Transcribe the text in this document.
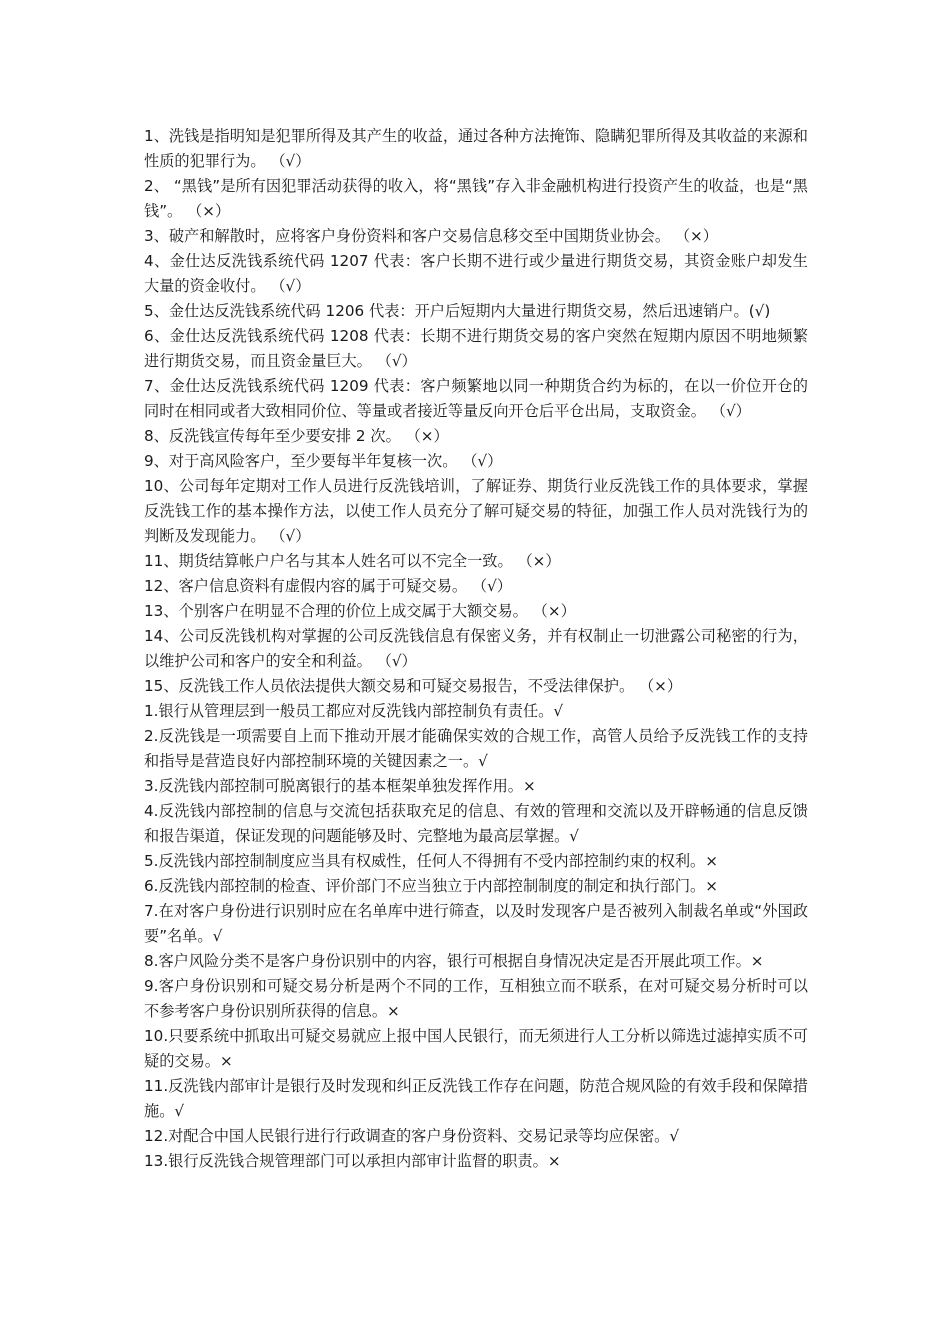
1、洗钱是指明知是犯罪所得及其产生的收益，通过各种方法掩饰、隐瞒犯罪所得及其收益的来源和性质的犯罪行为。 （√）

2、 “黑钱”是所有因犯罪活动获得的收入，将“黑钱”存入非金融机构进行投资产生的收益，也是“黑钱”。 （×）

3、破产和解散时，应将客户身份资料和客户交易信息移交至中国期货业协会。 （×）

4、金仕达反洗钱系统代码 1207 代表：客户长期不进行或少量进行期货交易，其资金账户却发生大量的资金收付。 （√）

5、金仕达反洗钱系统代码 1206 代表：开户后短期内大量进行期货交易，然后迅速销户。(√)

6、金仕达反洗钱系统代码 1208 代表：长期不进行期货交易的客户突然在短期内原因不明地频繁进行期货交易，而且资金量巨大。 （√）

7、金仕达反洗钱系统代码 1209 代表：客户频繁地以同一种期货合约为标的，在以一价位开仓的同时在相同或者大致相同价位、等量或者接近等量反向开仓后平仓出局，支取资金。 （√）

8、反洗钱宣传每年至少要安排 2 次。 （×）

9、对于高风险客户，至少要每半年复核一次。 （√）

10、公司每年定期对工作人员进行反洗钱培训，了解证券、期货行业反洗钱工作的具体要求，掌握反洗钱工作的基本操作方法，以使工作人员充分了解可疑交易的特征，加强工作人员对洗钱行为的判断及发现能力。 （√）

11、期货结算帐户户名与其本人姓名可以不完全一致。 （×）

12、客户信息资料有虚假内容的属于可疑交易。 （√）

13、个别客户在明显不合理的价位上成交属于大额交易。 （×）

14、公司反洗钱机构对掌握的公司反洗钱信息有保密义务，并有权制止一切泄露公司秘密的行为，以维护公司和客户的安全和利益。 （√）

15、反洗钱工作人员依法提供大额交易和可疑交易报告，不受法律保护。 （×）

1.银行从管理层到一般员工都应对反洗钱内部控制负有责任。√

2.反洗钱是一项需要自上而下推动开展才能确保实效的合规工作，高管人员给予反洗钱工作的支持和指导是营造良好内部控制环境的关键因素之一。√

3.反洗钱内部控制可脱离银行的基本框架单独发挥作用。×

4.反洗钱内部控制的信息与交流包括获取充足的信息、有效的管理和交流以及开辟畅通的信息反馈和报告渠道，保证发现的问题能够及时、完整地为最高层掌握。√

5.反洗钱内部控制制度应当具有权威性，任何人不得拥有不受内部控制约束的权利。×

6.反洗钱内部控制的检查、评价部门不应当独立于内部控制制度的制定和执行部门。×

7.在对客户身份进行识别时应在名单库中进行筛查，以及时发现客户是否被列入制裁名单或“外国政要”名单。√

8.客户风险分类不是客户身份识别中的内容，银行可根据自身情况决定是否开展此项工作。×

9.客户身份识别和可疑交易分析是两个不同的工作，互相独立而不联系，在对可疑交易分析时可以不参考客户身份识别所获得的信息。×

10.只要系统中抓取出可疑交易就应上报中国人民银行，而无须进行人工分析以筛选过滤掉实质不可疑的交易。×

11.反洗钱内部审计是银行及时发现和纠正反洗钱工作存在问题，防范合规风险的有效手段和保障措施。√

12.对配合中国人民银行进行行政调查的客户身份资料、交易记录等均应保密。√

13.银行反洗钱合规管理部门可以承担内部审计监督的职责。×
